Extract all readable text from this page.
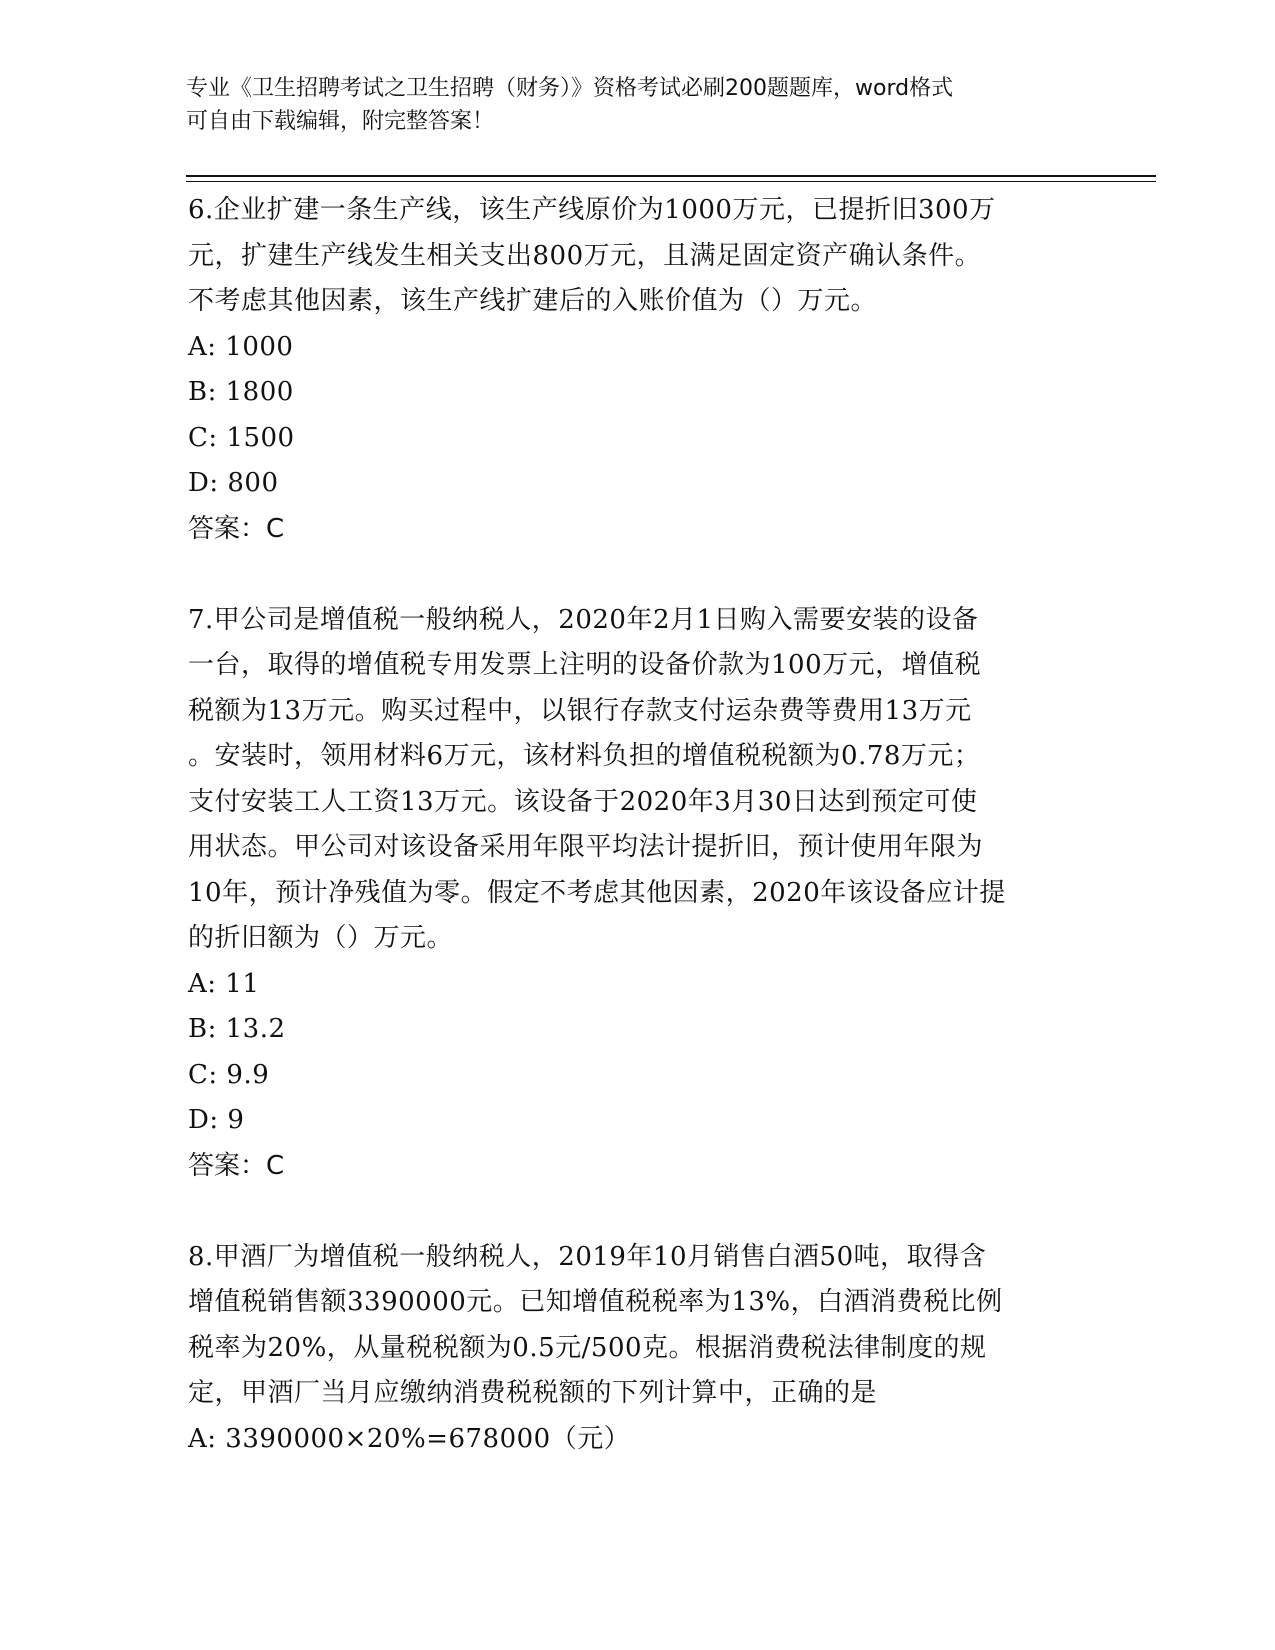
专业《卫生招聘考试之卫生招聘（财务）》资格考试必刷200题题库，word格式
可自由下载编辑，附完整答案！

6.企业扩建一条生产线，该生产线原价为1000万元，已提折旧300万

元，扩建生产线发生相关支出800万元，且满足固定资产确认条件。

不考虑其他因素，该生产线扩建后的入账价值为（）万元。

A: 1000

B: 1800

C: 1500

D: 800

答案：C

7.甲公司是增值税一般纳税人，2020年2月1日购入需要安装的设备

一台，取得的增值税专用发票上注明的设备价款为100万元，增值税

税额为13万元。购买过程中，以银行存款支付运杂费等费用13万元

。安装时，领用材料6万元，该材料负担的增值税税额为0.78万元；

支付安装工人工资13万元。该设备于2020年3月30日达到预定可使

用状态。甲公司对该设备采用年限平均法计提折旧，预计使用年限为

10年，预计净残值为零。假定不考虑其他因素，2020年该设备应计提

的折旧额为（）万元。

A: 11

B: 13.2

C: 9.9

D: 9

答案：C

8.甲酒厂为增值税一般纳税人，2019年10月销售白酒50吨，取得含

增值税销售额3390000元。已知增值税税率为13%，白酒消费税比例

税率为20%，从量税税额为0.5元/500克。根据消费税法律制度的规

定，甲酒厂当月应缴纳消费税税额的下列计算中，正确的是

A: 3390000×20%=678000（元）
